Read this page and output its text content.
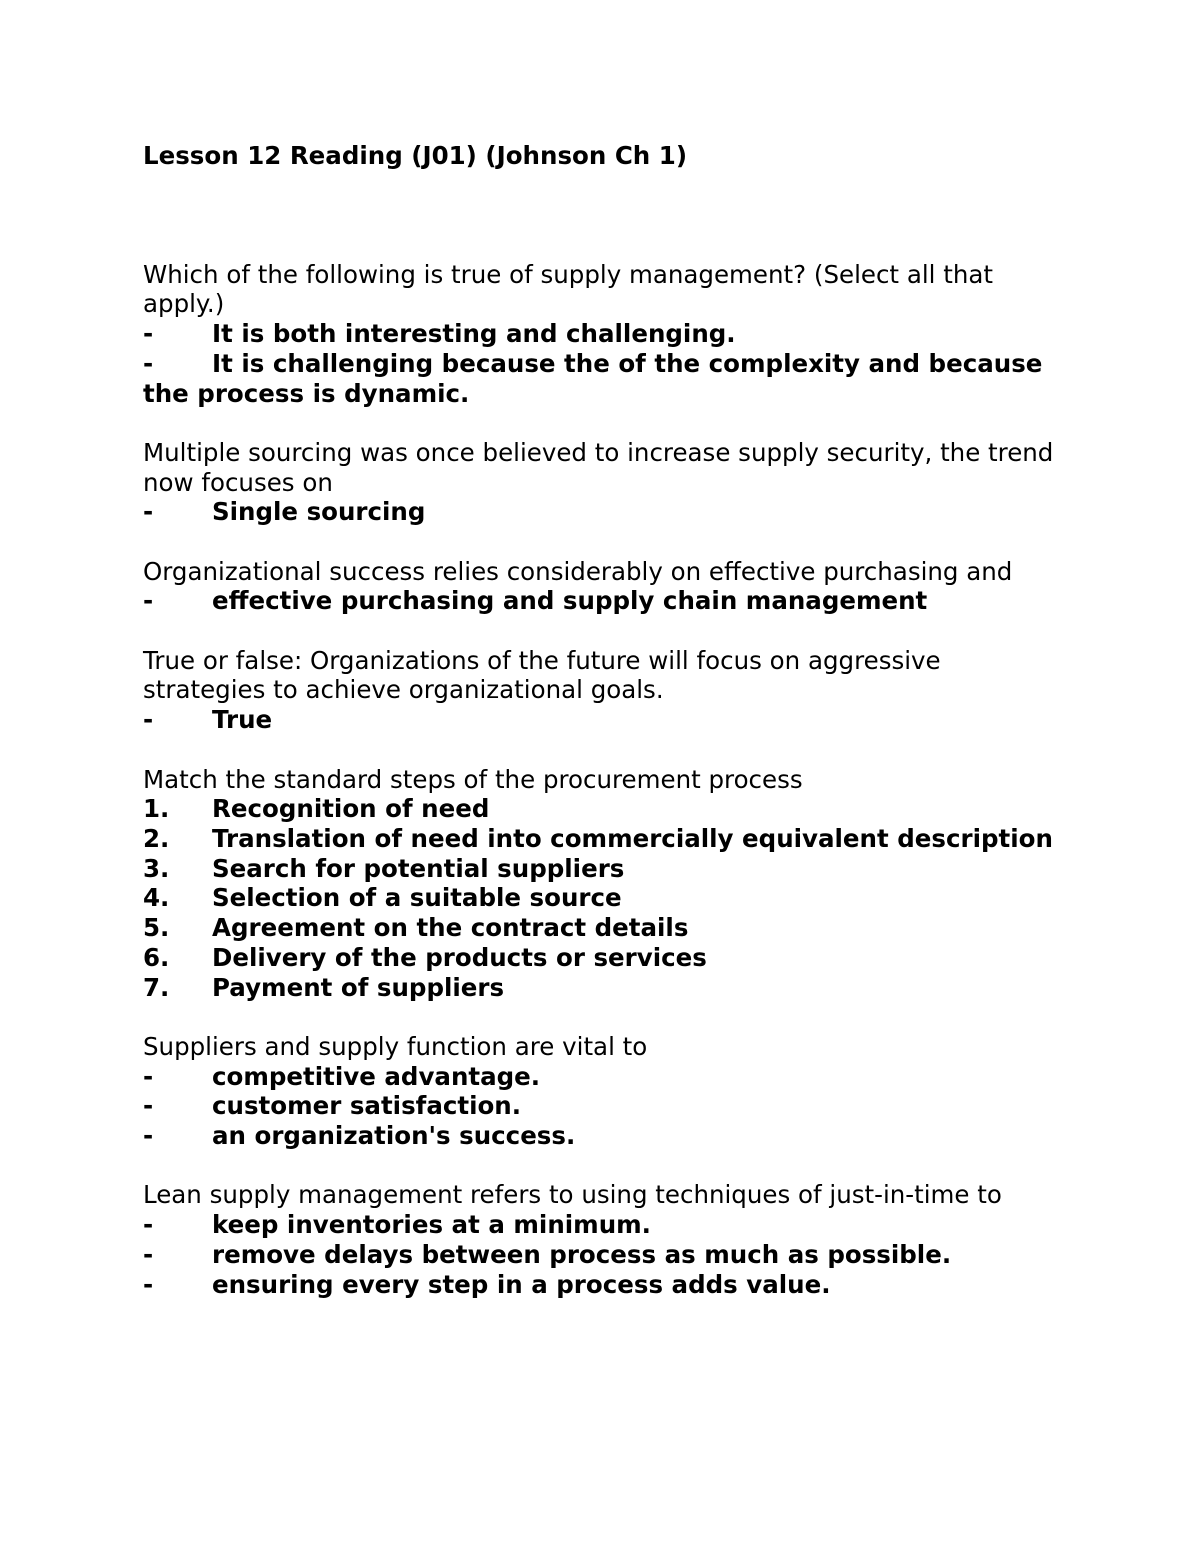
Lesson 12 Reading (J01) (Johnson Ch 1)

Which of the following is true of supply management? (Select all that apply.)

-	It is both interesting and challenging.

- It is challenging because the of the complexity and because the process is dynamic.

Multiple sourcing was once believed to increase supply security, the trend now focuses on

-	Single sourcing

Organizational success relies considerably on effective purchasing and

-	effective purchasing and supply chain management

True or false: Organizations of the future will focus on aggressive strategies to achieve organizational goals.

-	True

Match the standard steps of the procurement process

1.	Recognition of need

2. Translation of need into commercially equivalent description

3.	Search for potential suppliers

4.	Selection of a suitable source

5.	Agreement on the contract details

6.	Delivery of the products or services

7.	Payment of suppliers

Suppliers and supply function are vital to

-	competitive advantage.

-	customer satisfaction.

-	an organization's success.

Lean supply management refers to using techniques of just-in-time to

-	keep inventories at a minimum.

-	remove delays between process as much as possible.

-	ensuring every step in a process adds value.
